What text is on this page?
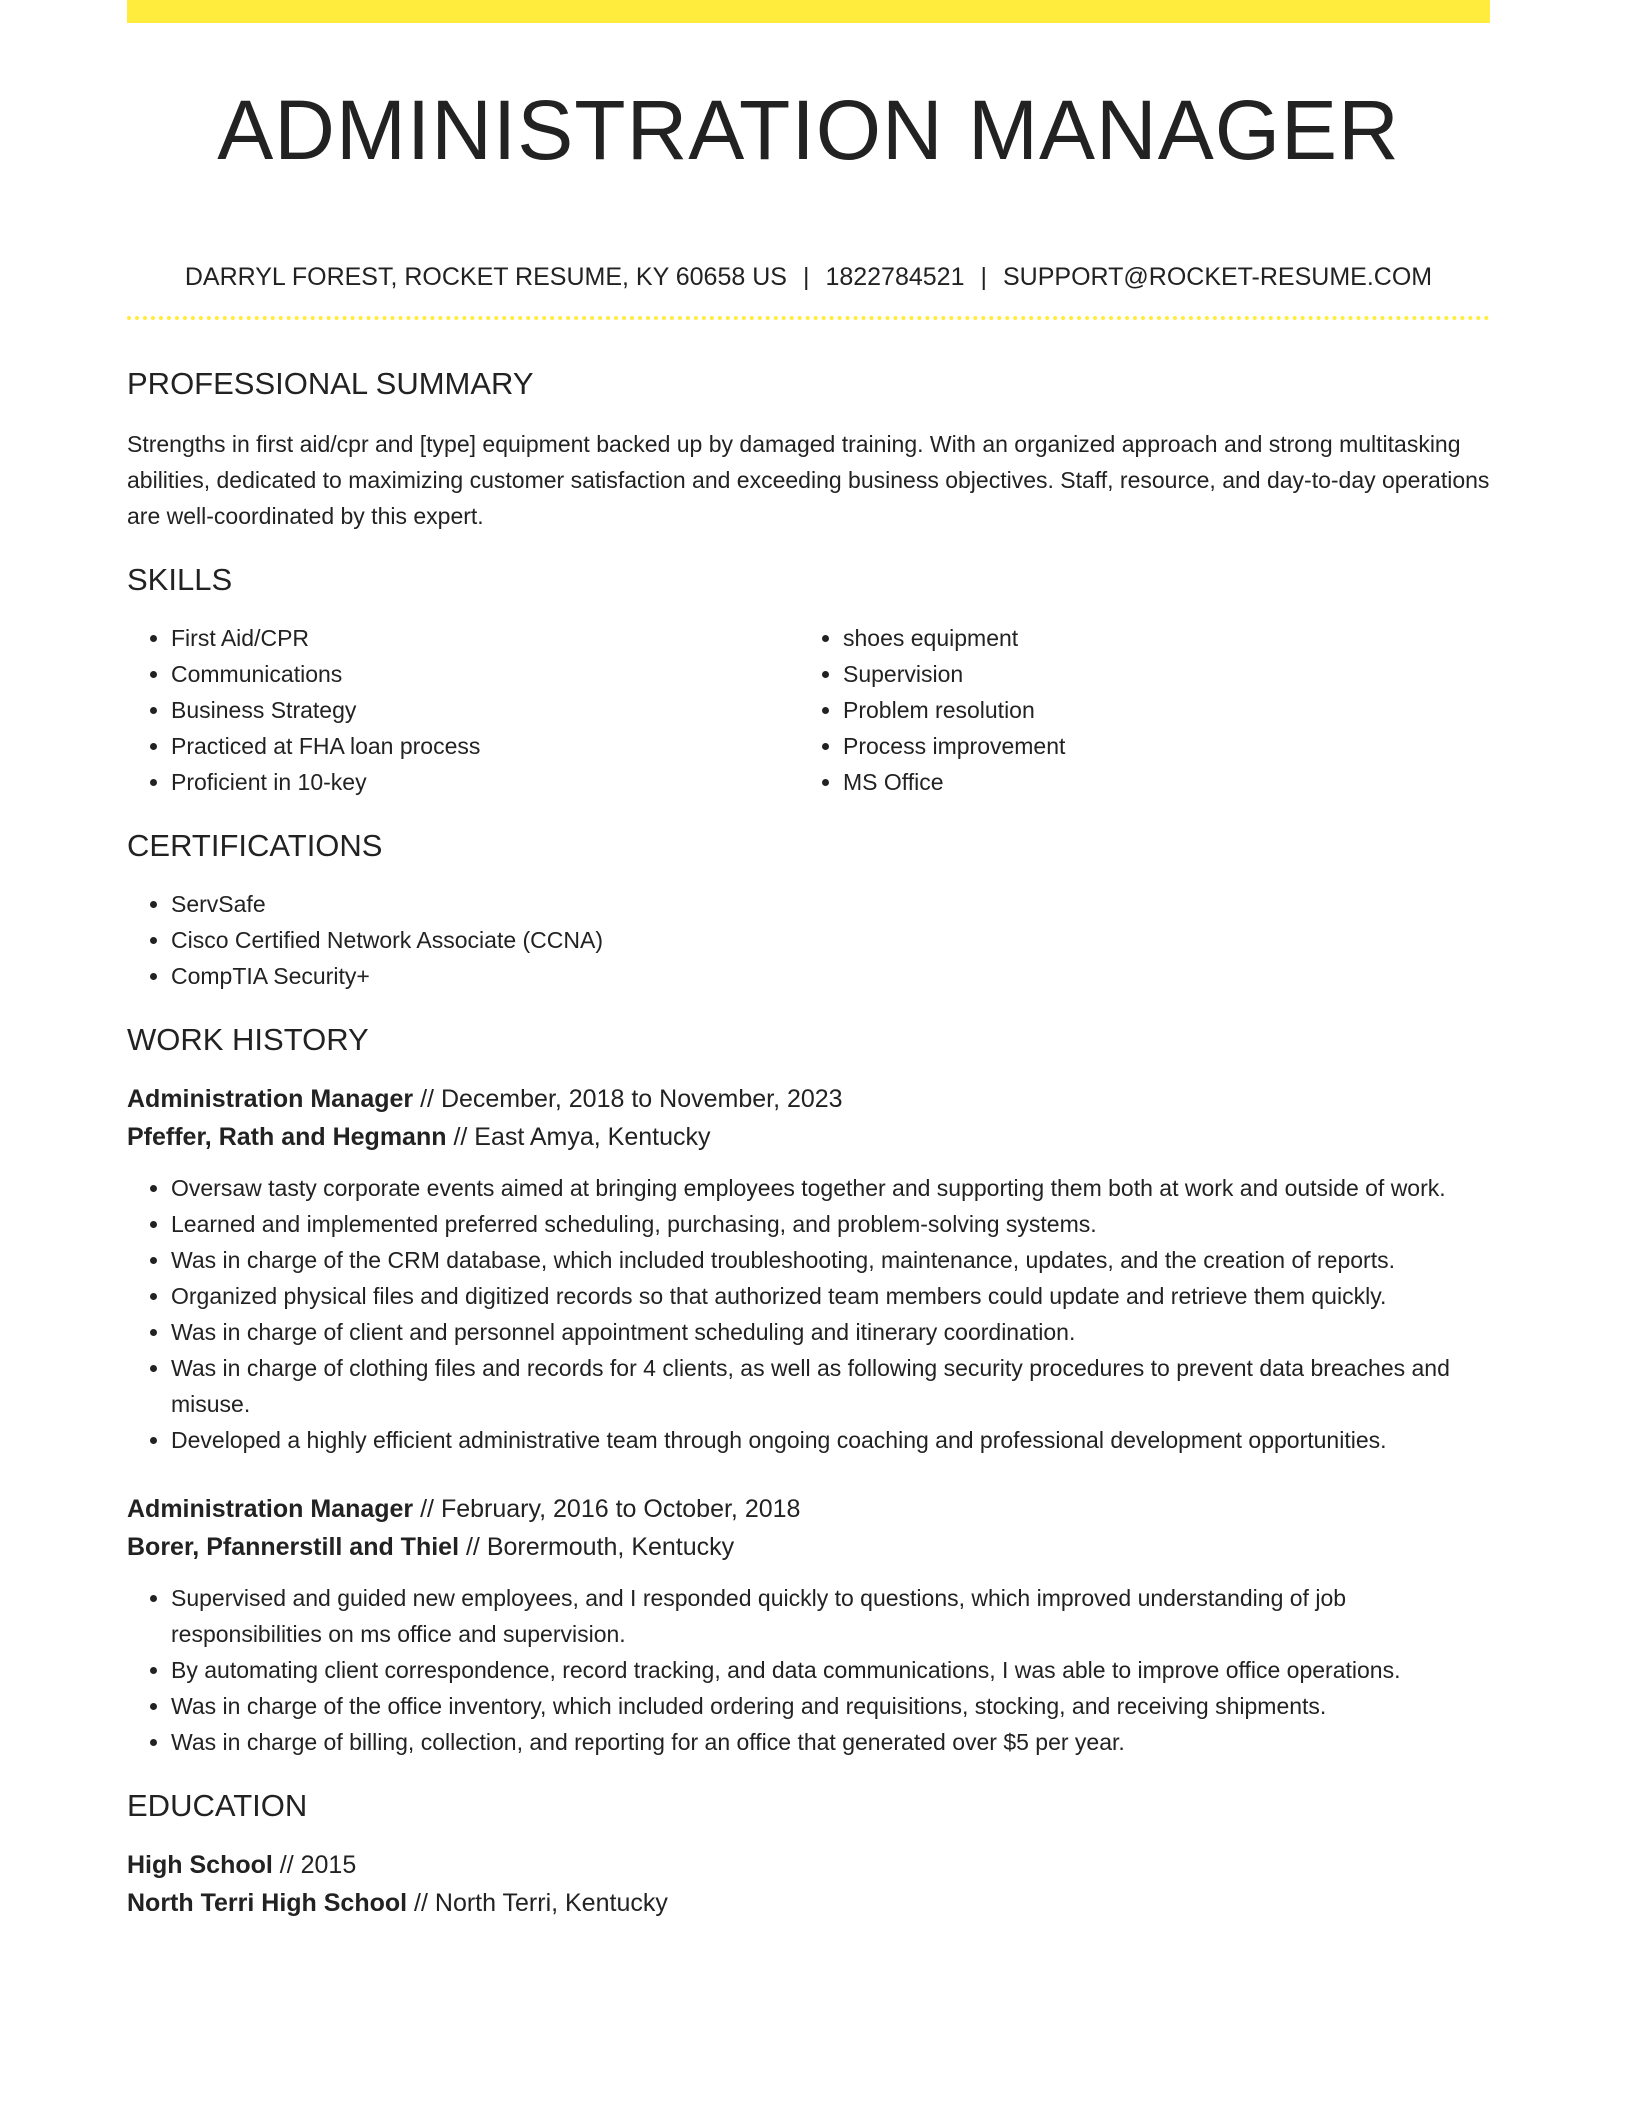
ADMINISTRATION MANAGER
DARRYL FOREST, ROCKET RESUME, KY 60658 US | 1822784521 | SUPPORT@ROCKET-RESUME.COM
PROFESSIONAL SUMMARY

Strengths in first aid/cpr and [type] equipment backed up by damaged training. With an organized approach and strong multitasking abilities, dedicated to maximizing customer satisfaction and exceeding business objectives. Staff, resource, and day-to-day operations are well-coordinated by this expert.

SKILLS
• First Aid/CPR
• Communications
• Business Strategy
• Practiced at FHA loan process
• Proficient in 10-key
• shoes equipment
• Supervision
• Problem resolution
• Process improvement
• MS Office
CERTIFICATIONS
• ServSafe
• Cisco Certified Network Associate (CCNA)
• CompTIA Security+
WORK HISTORY
Administration Manager // December, 2018 to November, 2023
Pfeffer, Rath and Hegmann // East Amya, Kentucky
• Oversaw tasty corporate events aimed at bringing employees together and supporting them both at work and outside of work.
• Learned and implemented preferred scheduling, purchasing, and problem-solving systems.
• Was in charge of the CRM database, which included troubleshooting, maintenance, updates, and the creation of reports.
• Organized physical files and digitized records so that authorized team members could update and retrieve them quickly.
• Was in charge of client and personnel appointment scheduling and itinerary coordination.
• Was in charge of clothing files and records for 4 clients, as well as following security procedures to prevent data breaches and misuse.
• Developed a highly efficient administrative team through ongoing coaching and professional development opportunities.
Administration Manager // February, 2016 to October, 2018
Borer, Pfannerstill and Thiel // Borermouth, Kentucky
• Supervised and guided new employees, and I responded quickly to questions, which improved understanding of job responsibilities on ms office and supervision.
• By automating client correspondence, record tracking, and data communications, I was able to improve office operations.
• Was in charge of the office inventory, which included ordering and requisitions, stocking, and receiving shipments.
• Was in charge of billing, collection, and reporting for an office that generated over $5 per year.
EDUCATION
High School // 2015
North Terri High School // North Terri, Kentucky
